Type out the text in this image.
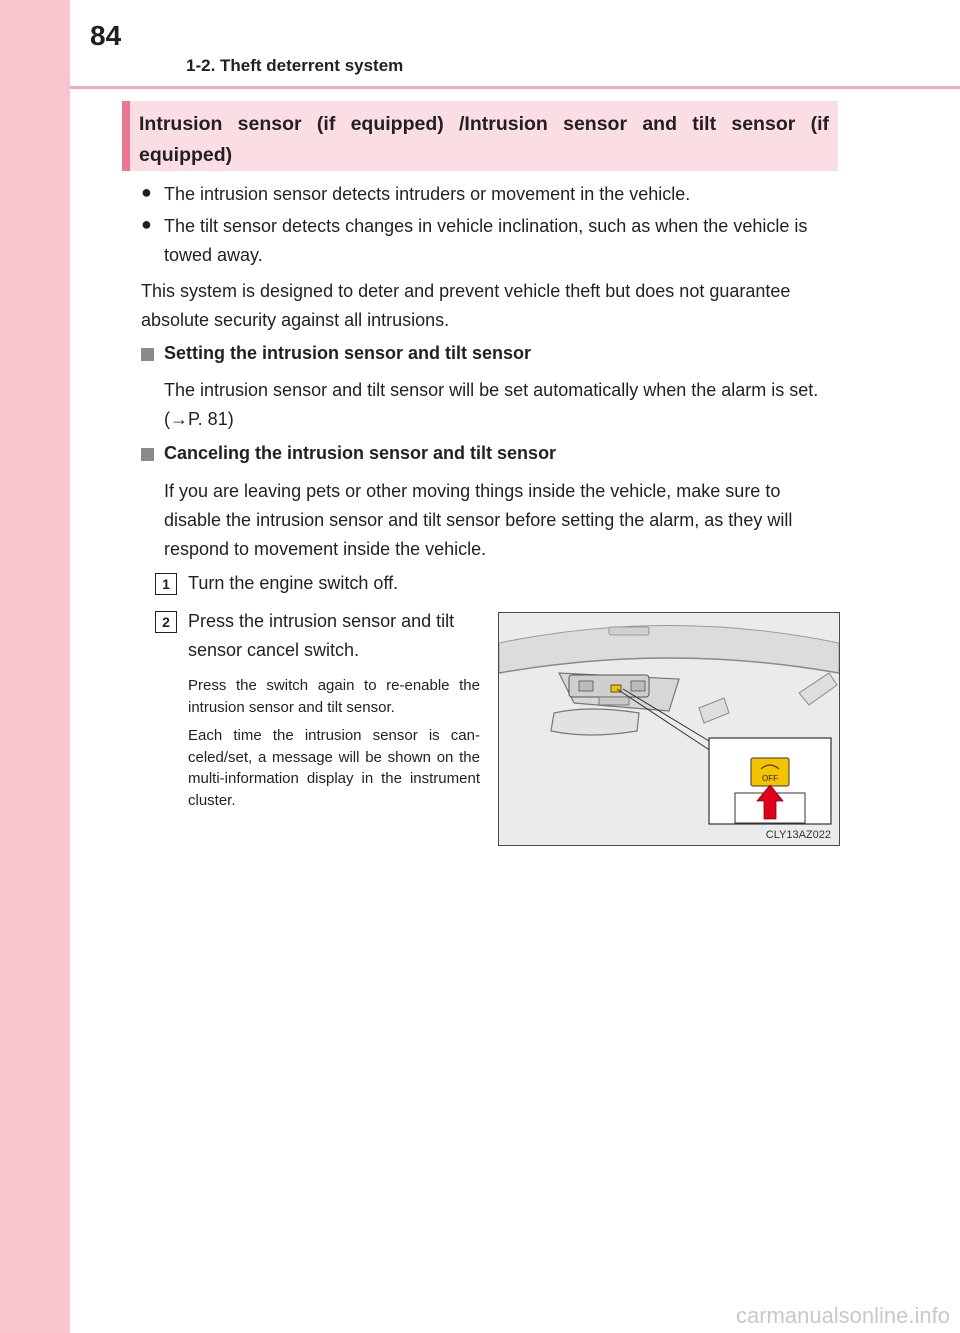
84
1-2. Theft deterrent system
Intrusion sensor (if equipped) /Intrusion sensor and tilt sensor (if equipped)
● The intrusion sensor detects intruders or movement in the vehicle.
● The tilt sensor detects changes in vehicle inclination, such as when the vehicle is towed away.
This system is designed to deter and prevent vehicle theft but does not guarantee absolute security against all intrusions.
Setting the intrusion sensor and tilt sensor
The intrusion sensor and tilt sensor will be set automatically when the alarm is set. (→P. 81)
Canceling the intrusion sensor and tilt sensor
If you are leaving pets or other moving things inside the vehicle, make sure to disable the intrusion sensor and tilt sensor before setting the alarm, as they will respond to movement inside the vehicle.
1	Turn the engine switch off.
2	Press the intrusion sensor and tilt sensor cancel switch.
Press the switch again to re-enable the intrusion sensor and tilt sensor.
Each time the intrusion sensor is can-celed/set, a message will be shown on the multi-information display in the instrument cluster.
OFF
CLY13AZ022
carmanualsonline.info
